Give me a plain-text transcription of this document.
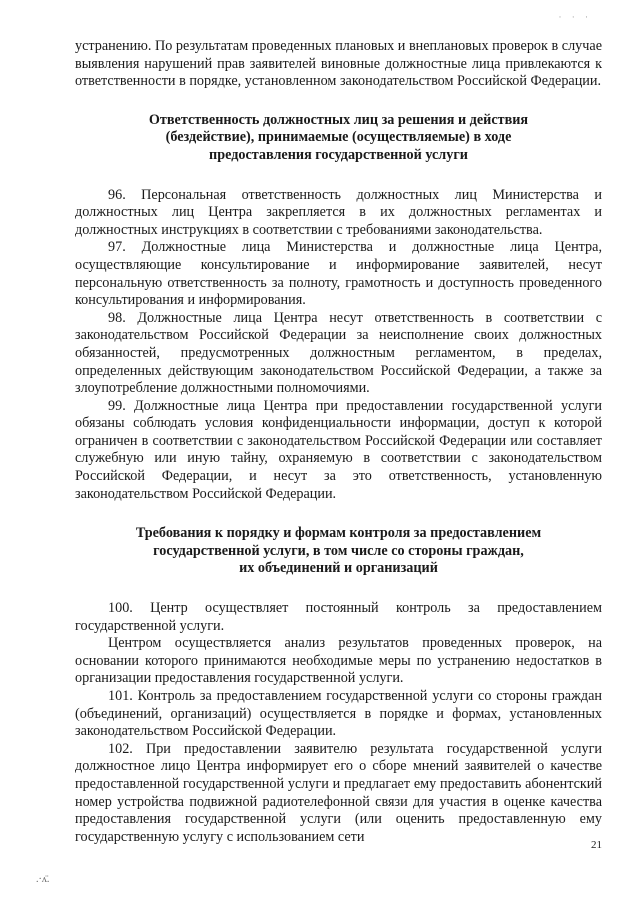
· · ·

устранению. По результатам проведенных плановых и внеплановых проверок в случае выявления нарушений прав заявителей виновные должностные лица привлекаются к ответственности в порядке, установленном законодательством Российской Федерации.

Ответственность должностных лиц за решения и действия
(бездействие), принимаемые (осуществляемые) в ходе
предоставления государственной услуги

96. Персональная ответственность должностных лиц Министерства и должностных лиц Центра закрепляется в их должностных регламентах и должностных инструкциях в соответствии с требованиями законодательства.

97. Должностные лица Министерства и должностные лица Центра, осуществляющие консультирование и информирование заявителей, несут персональную ответственность за полноту, грамотность и доступность проведенного консультирования и информирования.

98. Должностные лица Центра несут ответственность в соответствии с законодательством Российской Федерации за неисполнение своих должностных обязанностей, предусмотренных должностным регламентом, в пределах, определенных действующим законодательством Российской Федерации, а также за злоупотребление должностными полномочиями.

99. Должностные лица Центра при предоставлении государственной услуги обязаны соблюдать условия конфиденциальности информации, доступ к которой ограничен в соответствии с законодательством Российской Федерации или составляет служебную или иную тайну, охраняемую в соответствии с законодательством Российской Федерации, и несут за это ответственность, установленную законодательством Российской Федерации.

Требования к порядку и формам контроля за предоставлением
государственной услуги, в том числе со стороны граждан,
их объединений и организаций

100. Центр осуществляет постоянный контроль за предоставлением государственной услуги.

Центром осуществляется анализ результатов проведенных проверок, на основании которого принимаются необходимые меры по устранению недостатков в организации предоставления государственной услуги.

101. Контроль за предоставлением государственной услуги со стороны граждан (объединений, организаций) осуществляется в порядке и формах, установленных законодательством Российской Федерации.

102. При предоставлении заявителю результата государственной услуги должностное лицо Центра информирует его о сборе мнений заявителей о качестве предоставленной государственной услуги и предлагает ему предоставить абонентский номер устройства подвижной радиотелефонной связи для участия в оценке качества предоставления государственной услуги (или оценить предоставленную ему государственную услугу с использованием сети

21
.·ʌ̈.
